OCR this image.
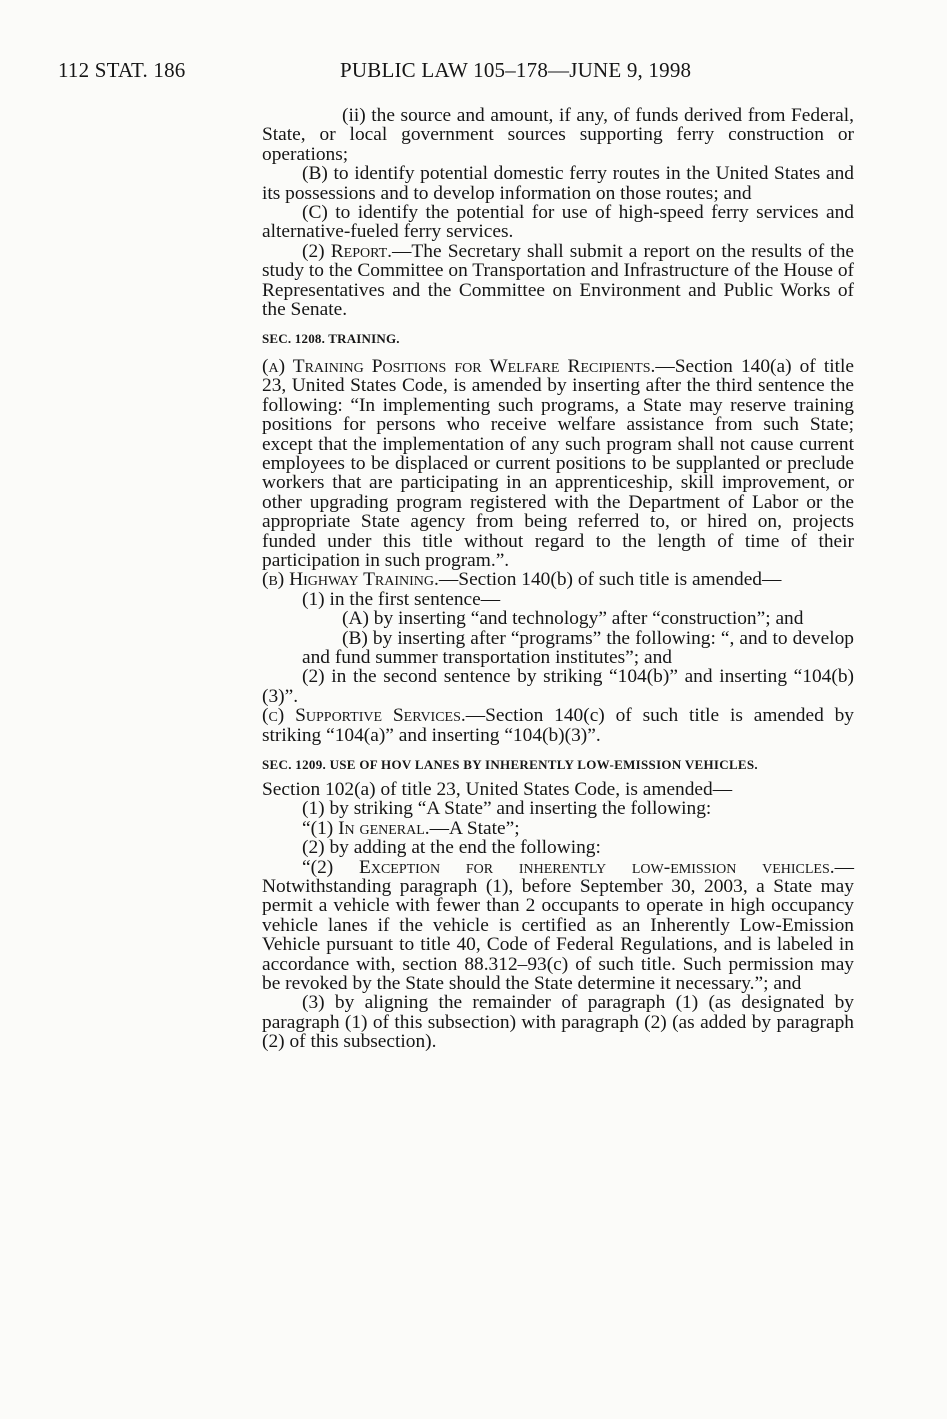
112 STAT. 186	PUBLIC LAW 105–178—JUNE 9, 1998

(ii) the source and amount, if any, of funds derived from Federal, State, or local government sources supporting ferry construction or operations;

(B) to identify potential domestic ferry routes in the United States and its possessions and to develop information on those routes; and

(C) to identify the potential for use of high-speed ferry services and alternative-fueled ferry services.

(2) Report.—The Secretary shall submit a report on the results of the study to the Committee on Transportation and Infrastructure of the House of Representatives and the Committee on Environment and Public Works of the Senate.

SEC. 1208. TRAINING.

(a) Training Positions for Welfare Recipients.—Section 140(a) of title 23, United States Code, is amended by inserting after the third sentence the following: “In implementing such programs, a State may reserve training positions for persons who receive welfare assistance from such State; except that the implementation of any such program shall not cause current employees to be displaced or current positions to be supplanted or preclude workers that are participating in an apprenticeship, skill improvement, or other upgrading program registered with the Department of Labor or the appropriate State agency from being referred to, or hired on, projects funded under this title without regard to the length of time of their participation in such program.”.

(b) Highway Training.—Section 140(b) of such title is amended—

(1) in the first sentence—

(A) by inserting “and technology” after “construction”; and

(B) by inserting after “programs” the following: “, and to develop and fund summer transportation institutes”; and

(2) in the second sentence by striking “104(b)” and inserting “104(b)(3)”.

(c) Supportive Services.—Section 140(c) of such title is amended by striking “104(a)” and inserting “104(b)(3)”.

SEC. 1209. USE OF HOV LANES BY INHERENTLY LOW-EMISSION VEHICLES.

Section 102(a) of title 23, United States Code, is amended—

(1) by striking “A State” and inserting the following:

“(1) In general.—A State”;

(2) by adding at the end the following:

“(2) Exception for inherently low-emission vehicles.— Notwithstanding paragraph (1), before September 30, 2003, a State may permit a vehicle with fewer than 2 occupants to operate in high occupancy vehicle lanes if the vehicle is certified as an Inherently Low-Emission Vehicle pursuant to title 40, Code of Federal Regulations, and is labeled in accordance with, section 88.312–93(c) of such title. Such permission may be revoked by the State should the State determine it necessary.”; and

(3) by aligning the remainder of paragraph (1) (as designated by paragraph (1) of this subsection) with paragraph (2) (as added by paragraph (2) of this subsection).
